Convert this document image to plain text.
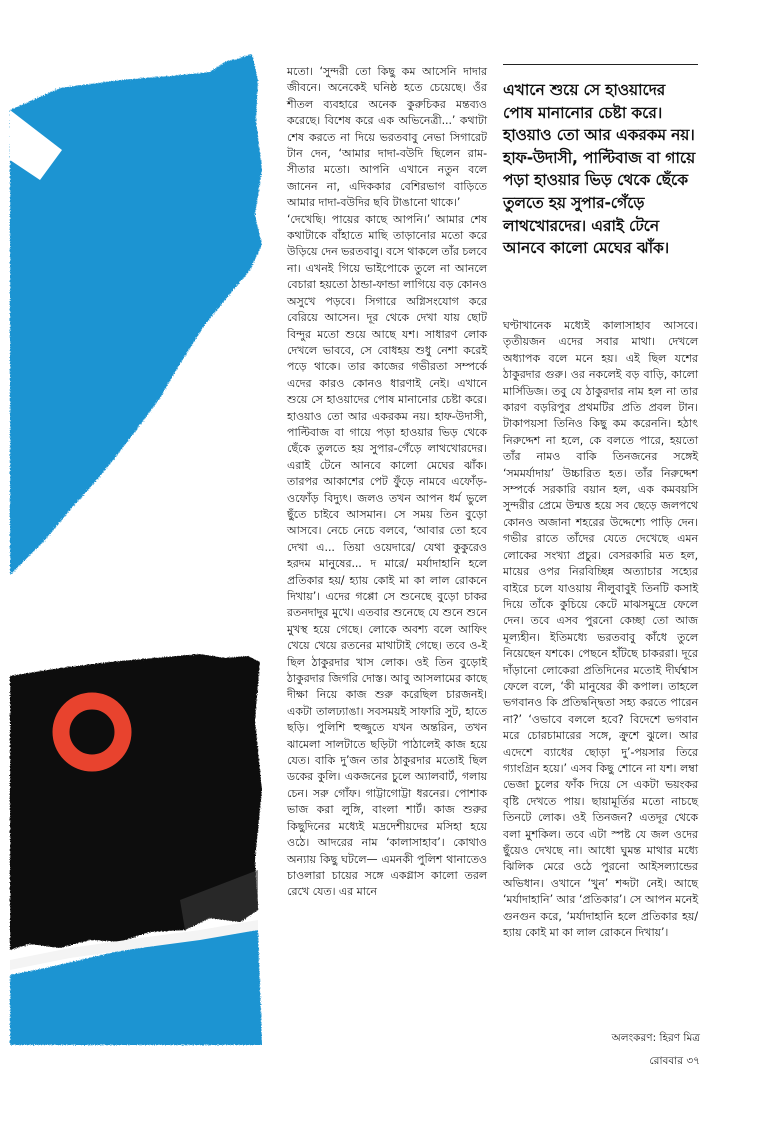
মতো। ‘সুন্দরী তো কিছু কম আসেনি দাদার জীবনে। অনেকেই ঘনিষ্ঠ হতে চেয়েছে। ওঁর শীতল ব্যবহারে অনেক কুরুচিকর মন্তব্যও করেছে। বিশেষ করে এক অভিনেত্রী...’ কথাটা শেষ করতে না দিয়ে ভরতবাবু নেভা সিগারেট টান দেন, ‘আমার দাদা-বউদি ছিলেন রাম-সীতার মতো। আপনি এখানে নতুন বলে জানেন না, এদিককার বেশিরভাগ বাড়িতে আমার দাদা-বউদির ছবি টাঙানো থাকে।’

‘দেখেছি। পায়ের কাছে আপনি।’ আমার শেষ কথাটাকে বাঁহাতে মাছি তাড়ানোর মতো করে উড়িয়ে দেন ভরতবাবু। বসে থাকলে তাঁর চলবে না। এখনই গিয়ে ভাইপোকে তুলে না আনলে বেচারা হয়তো ঠান্ডা-ফান্ডা লাগিয়ে বড় কোনও অসুখে পড়বে। সিগারে অগ্নিসংযোগ করে বেরিয়ে আসেন। দূর থেকে দেখা যায় ছোট বিন্দুর মতো শুয়ে আছে যশ। সাধারণ লোক দেখলে ভাববে, সে বোধহয় শুধু নেশা করেই পড়ে থাকে। তার কাজের গভীরতা সম্পর্কে এদের কারও কোনও ধারণাই নেই। এখানে শুয়ে সে হাওয়াদের পোষ মানানোর চেষ্টা করে। হাওয়াও তো আর একরকম নয়। হাফ-উদাসী, পাল্টিবাজ বা গায়ে পড়া হাওয়ার ভিড় থেকে ছেঁকে তুলতে হয় সুপার-গেঁড়ে লাথখোরদের। এরাই টেনে আনবে কালো মেঘের ঝাঁক। তারপর আকাশের পেট ফুঁড়ে নামবে এফোঁড়-ওফোঁড় বিদ্যুৎ। জলও তখন আপন ধর্ম ভুলে ছুঁতে চাইবে আসমান। সে সময় তিন বুড়ো আসবে। নেচে নেচে বলবে, ‘আবার তো হবে দেখা এ... তিয়া ওয়েদারে/ যেথা কুকুরেও হরদম মানুষের... দ মারে/ মর্যাদাহানি হলে প্রতিকার হয়/ হ্যায় কোই মা কা লাল রোকনে দিখায়’। এদের গপ্পো সে শুনেছে বুড়ো চাকর রতনদাদুর মুখে। এতবার শুনেছে যে শুনে শুনে মুখস্থ হয়ে গেছে। লোকে অবশ্য বলে আফিং খেয়ে খেয়ে রতনের মাথাটাই গেছে। তবে ও-ই ছিল ঠাকুরদার খাস লোক। ওই তিন বুড়োই ঠাকুরদার জিগরি দোস্ত। আবু আসলামের কাছে দীক্ষা নিয়ে কাজ শুরু করেছিল চারজনই। একটা তালঢ্যাঙা। সবসময়ই সাফারি সুট, হাতে ছড়ি। পুলিশি হুজ্জুতে যখন অন্তরিন, তখন ঝামেলা সালটাতে ছড়িটা পাঠালেই কাজ হয়ে যেত। বাকি দু’জন তার ঠাকুরদার মতোই ছিল ডকের কুলি। একজনের চুলে অ্যালবার্ট, গলায় চেন। সরু গোঁফ। গাট্টাগোট্টা ধরনের। পোশাক ভাজ করা লুঙ্গি, বাংলা শার্ট। কাজ শুরুর কিছুদিনের মধ্যেই মদ্রদেশীয়দের মসিহা হয়ে ওঠে। আদরের নাম ‘কালাসাহাব’। কোথাও অন্যায় কিছু ঘটলে— এমনকী পুলিশ থানাতেও চাওলারা চায়ের সঙ্গে একগ্লাস কালো তরল রেখে যেত। এর মানে

এখানে শুয়ে সে হাওয়াদের পোষ মানানোর চেষ্টা করে। হাওয়াও তো আর একরকম নয়। হাফ-উদাসী, পাল্টিবাজ বা গায়ে পড়া হাওয়ার ভিড় থেকে ছেঁকে তুলতে হয় সুপার-গেঁড়ে লাথখোরদের। এরাই টেনে আনবে কালো মেঘের ঝাঁক।

ঘণ্টাখানেক মধ্যেই কালাসাহাব আসবে। তৃতীয়জন এদের সবার মাথা। দেখলে অধ্যাপক বলে মনে হয়। এই ছিল যশের ঠাকুরদার গুরু। ওর নকলেই বড় বাড়ি, কালো মার্সিডিজ। তবু যে ঠাকুরদার নাম হল না তার কারণ বড়রিপুর প্রথমটির প্রতি প্রবল টান। টাকাপয়সা তিনিও কিছু কম করেননি। হঠাৎ নিরুদ্দেশ না হলে, কে বলতে পারে, হয়তো তাঁর নামও বাকি তিনজনের সঙ্গেই ‘সমমর্যাদায়’ উচ্চারিত হত। তাঁর নিরুদ্দেশ সম্পর্কে সরকারি বয়ান হল, এক কমবয়সি সুন্দরীর প্রেমে উন্মত্ত হয়ে সব ছেড়ে জলপথে কোনও অজানা শহরের উদ্দেশ্যে পাড়ি দেন। গভীর রাতে তাঁদের যেতে দেখেছে এমন লোকের সংখ্যা প্রচুর। বেসরকারি মত হল, মায়ের ওপর নিরবিচ্ছিন্ন অত্যাচার সহ্যের বাইরে চলে যাওয়ায় নীলুবাবুই তিনটি কসাই দিয়ে তাঁকে কুচিয়ে কেটে মাঝসমুদ্রে ফেলে দেন। তবে এসব পুরনো কেচ্ছা তো আজ মূল্যহীন। ইতিমধ্যে ভরতবাবু কাঁধে তুলে নিয়েছেন যশকে। পেছনে হাঁটছে চাকররা। দূরে দাঁড়ানো লোকেরা প্রতিদিনের মতোই দীর্ঘশ্বাস ফেলে বলে, ‘কী মানুষের কী কপাল। তাহলে ভগবানও কি প্রতিদ্বন্দ্বিতা সহ্য করতে পারেন না?’ ‘ওভাবে বললে হবে? বিদেশে ভগবান মরে চোরচামারের সঙ্গে, ক্রুশে ঝুলে। আর এদেশে ব্যাধের ছোড়া দু’-পয়সার তিরে গ্যাংগ্রিন হয়ে।’ এসব কিছু শোনে না যশ। লম্বা ভেজা চুলের ফাঁক দিয়ে সে একটা ভয়ংকর বৃষ্টি দেখতে পায়। ছায়ামূর্তির মতো নাচছে তিনটে লোক। ওই তিনজন? এতদূর থেকে বলা মুশকিল। তবে এটা স্পষ্ট যে জল ওদের ছুঁয়েও দেখছে না। আধো ঘুমন্ত মাথার মধ্যে ঝিলিক মেরে ওঠে পুরনো আইসল্যান্ডের অভিধান। ওখানে ‘খুন’ শব্দটা নেই। আছে ‘মর্যাদাহানি’ আর ‘প্রতিকার’। সে আপন মনেই গুনগুন করে, ‘মর্যাদাহানি হলে প্রতিকার হয়/ হ্যায় কোই মা কা লাল রোকনে দিখায়’।

অলংকরণ: হিরণ মিত্র
রোববার ৩৭
